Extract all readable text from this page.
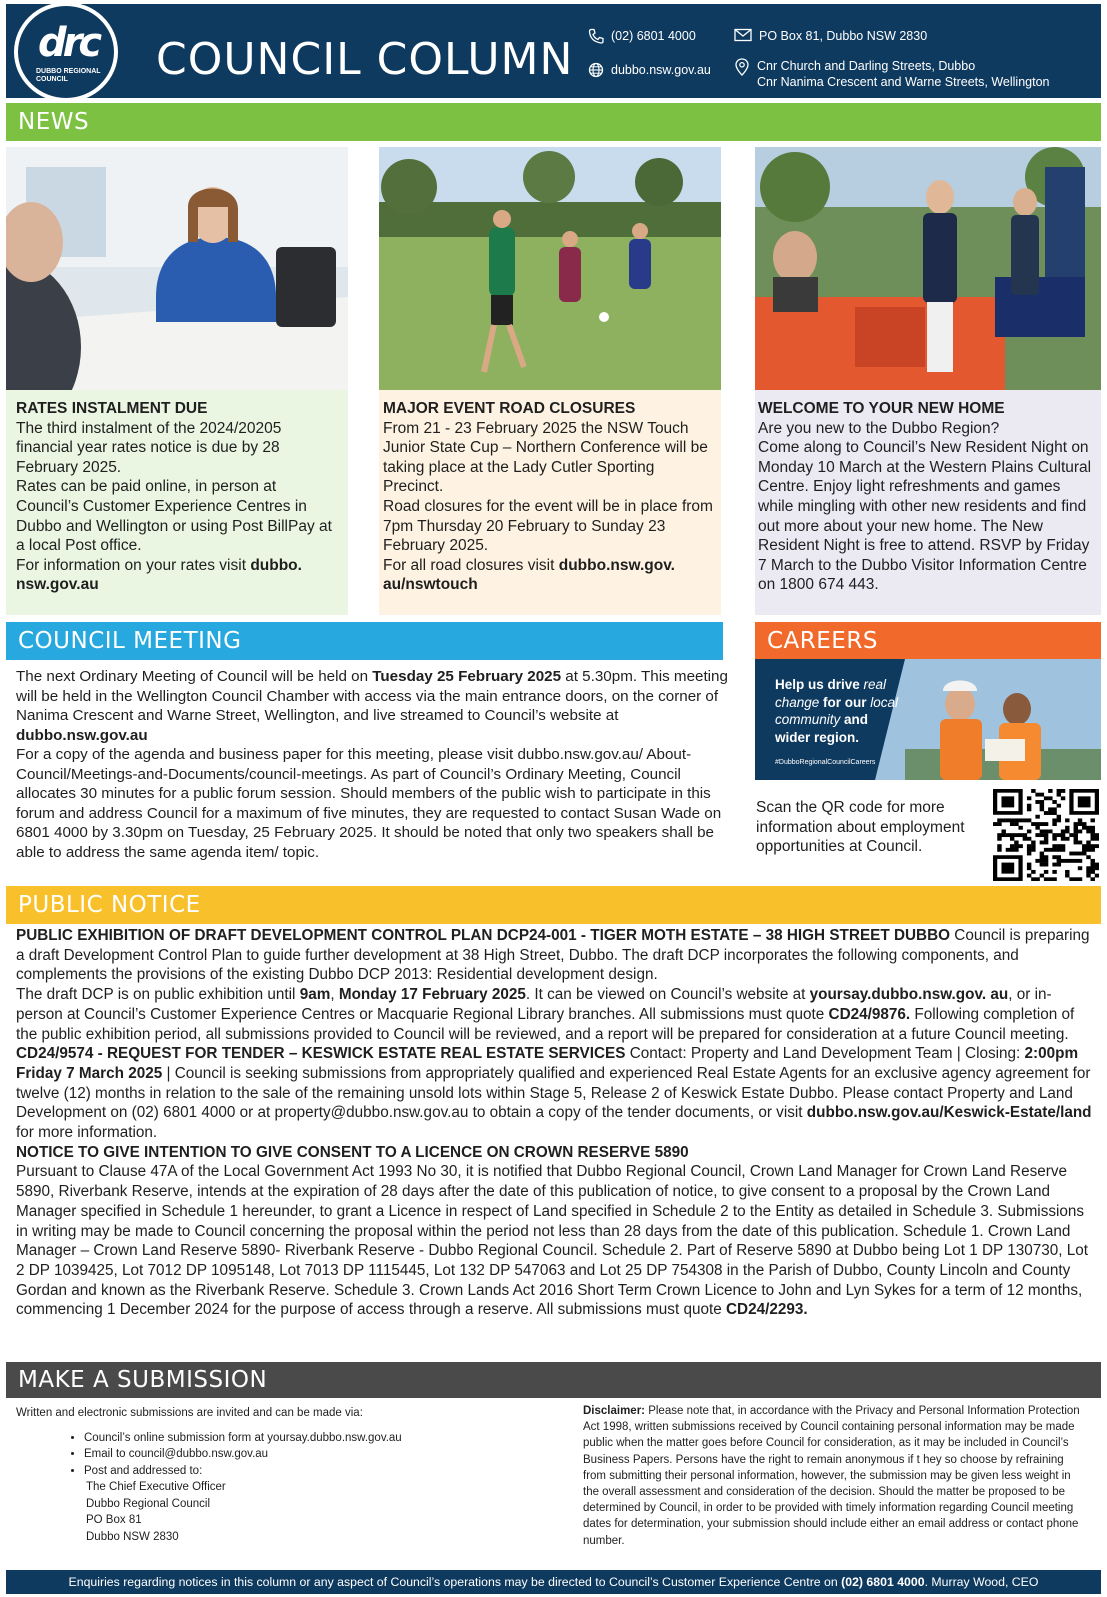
drc
DUBBO REGIONAL COUNCIL	COUNCIL COLUMN	(02) 6801 4000
dubbo.nsw.gov.au
PO Box 81, Dubbo NSW 2830
Cnr Church and Darling Streets, Dubbo
Cnr Nanima Crescent and Warne Streets, Wellington
NEWS
RATES INSTALMENT DUE
The third instalment of the 2024/20205 financial year rates notice is due by 28 February 2025.
Rates can be paid online, in person at Council’s Customer Experience Centres in Dubbo and Wellington or using Post BillPay at a local Post office.
For information on your rates visit dubbo. nsw.gov.au
MAJOR EVENT ROAD CLOSURES
From 21 - 23 February 2025 the NSW Touch Junior State Cup – Northern Conference will be taking place at the Lady Cutler Sporting Precinct.
Road closures for the event will be in place from 7pm Thursday 20 February to Sunday 23 February 2025.
For all road closures visit dubbo.nsw.gov. au/nswtouch
WELCOME TO YOUR NEW HOME
Are you new to the Dubbo Region?
Come along to Council’s New Resident Night on Monday 10 March at the Western Plains Cultural Centre. Enjoy light refreshments and games while mingling with other new residents and find out more about your new home. The New Resident Night is free to attend. RSVP by Friday 7 March to the Dubbo Visitor Information Centre on 1800 674 443.
COUNCIL MEETING
The next Ordinary Meeting of Council will be held on Tuesday 25 February 2025 at 5.30pm. This meeting will be held in the Wellington Council Chamber with access via the main entrance doors, on the corner of Nanima Crescent and Warne Street, Wellington, and live streamed to Council’s website at dubbo.nsw.gov.au
For a copy of the agenda and business paper for this meeting, please visit dubbo.nsw.gov.au/ About-Council/Meetings-and-Documents/council-meetings. As part of Council’s Ordinary Meeting, Council allocates 30 minutes for a public forum session. Should members of the public wish to participate in this forum and address Council for a maximum of five minutes, they are requested to contact Susan Wade on 6801 4000 by 3.30pm on Tuesday, 25 February 2025. It should be noted that only two speakers shall be able to address the same agenda item/ topic.
CAREERS
Help us drive real change for our local community and wider region.
#DubboRegionalCouncilCareers
Scan the QR code for more information about employment opportunities at Council.
PUBLIC NOTICE
PUBLIC EXHIBITION OF DRAFT DEVELOPMENT CONTROL PLAN DCP24-001 - TIGER MOTH ESTATE – 38 HIGH STREET DUBBO Council is preparing a draft Development Control Plan to guide further development at 38 High Street, Dubbo. The draft DCP incorporates the following components, and complements the provisions of the existing Dubbo DCP 2013: Residential development design.
The draft DCP is on public exhibition until 9am, Monday 17 February 2025. It can be viewed on Council’s website at yoursay.dubbo.nsw.gov. au, or in-person at Council’s Customer Experience Centres or Macquarie Regional Library branches. All submissions must quote CD24/9876. Following completion of the public exhibition period, all submissions provided to Council will be reviewed, and a report will be prepared for consideration at a future Council meeting.
CD24/9574 - REQUEST FOR TENDER – KESWICK ESTATE REAL ESTATE SERVICES Contact: Property and Land Development Team | Closing: 2:00pm Friday 7 March 2025 | Council is seeking submissions from appropriately qualified and experienced Real Estate Agents for an exclusive agency agreement for twelve (12) months in relation to the sale of the remaining unsold lots within Stage 5, Release 2 of Keswick Estate Dubbo. Please contact Property and Land Development on (02) 6801 4000 or at property@dubbo.nsw.gov.au to obtain a copy of the tender documents, or visit dubbo.nsw.gov.au/Keswick-Estate/land for more information.
NOTICE TO GIVE INTENTION TO GIVE CONSENT TO A LICENCE ON CROWN RESERVE 5890
Pursuant to Clause 47A of the Local Government Act 1993 No 30, it is notified that Dubbo Regional Council, Crown Land Manager for Crown Land Reserve 5890, Riverbank Reserve, intends at the expiration of 28 days after the date of this publication of notice, to give consent to a proposal by the Crown Land Manager specified in Schedule 1 hereunder, to grant a Licence in respect of Land specified in Schedule 2 to the Entity as detailed in Schedule 3. Submissions in writing may be made to Council concerning the proposal within the period not less than 28 days from the date of this publication. Schedule 1. Crown Land Manager – Crown Land Reserve 5890- Riverbank Reserve - Dubbo Regional Council. Schedule 2. Part of Reserve 5890 at Dubbo being Lot 1 DP 130730, Lot 2 DP 1039425, Lot 7012 DP 1095148, Lot 7013 DP 1115445, Lot 132 DP 547063 and Lot 25 DP 754308 in the Parish of Dubbo, County Lincoln and County Gordan and known as the Riverbank Reserve. Schedule 3. Crown Lands Act 2016 Short Term Crown Licence to John and Lyn Sykes for a term of 12 months, commencing 1 December 2024 for the purpose of access through a reserve. All submissions must quote CD24/2293.
MAKE A SUBMISSION
Written and electronic submissions are invited and can be made via:
• Council’s online submission form at yoursay.dubbo.nsw.gov.au
• Email to council@dubbo.nsw.gov.au
• Post and addressed to:
The Chief Executive Officer
Dubbo Regional Council
PO Box 81
Dubbo NSW 2830
Disclaimer: Please note that, in accordance with the Privacy and Personal Information Protection Act 1998, written submissions received by Council containing personal information may be made public when the matter goes before Council for consideration, as it may be included in Council’s Business Papers. Persons have the right to remain anonymous if t hey so choose by refraining from submitting their personal information, however, the submission may be given less weight in the overall assessment and consideration of the decision. Should the matter be proposed to be determined by Council, in order to be provided with timely information regarding Council meeting dates for determination, your submission should include either an email address or contact phone number.
Enquiries regarding notices in this column or any aspect of Council’s operations may be directed to Council’s Customer Experience Centre on (02) 6801 4000. Murray Wood, CEO
